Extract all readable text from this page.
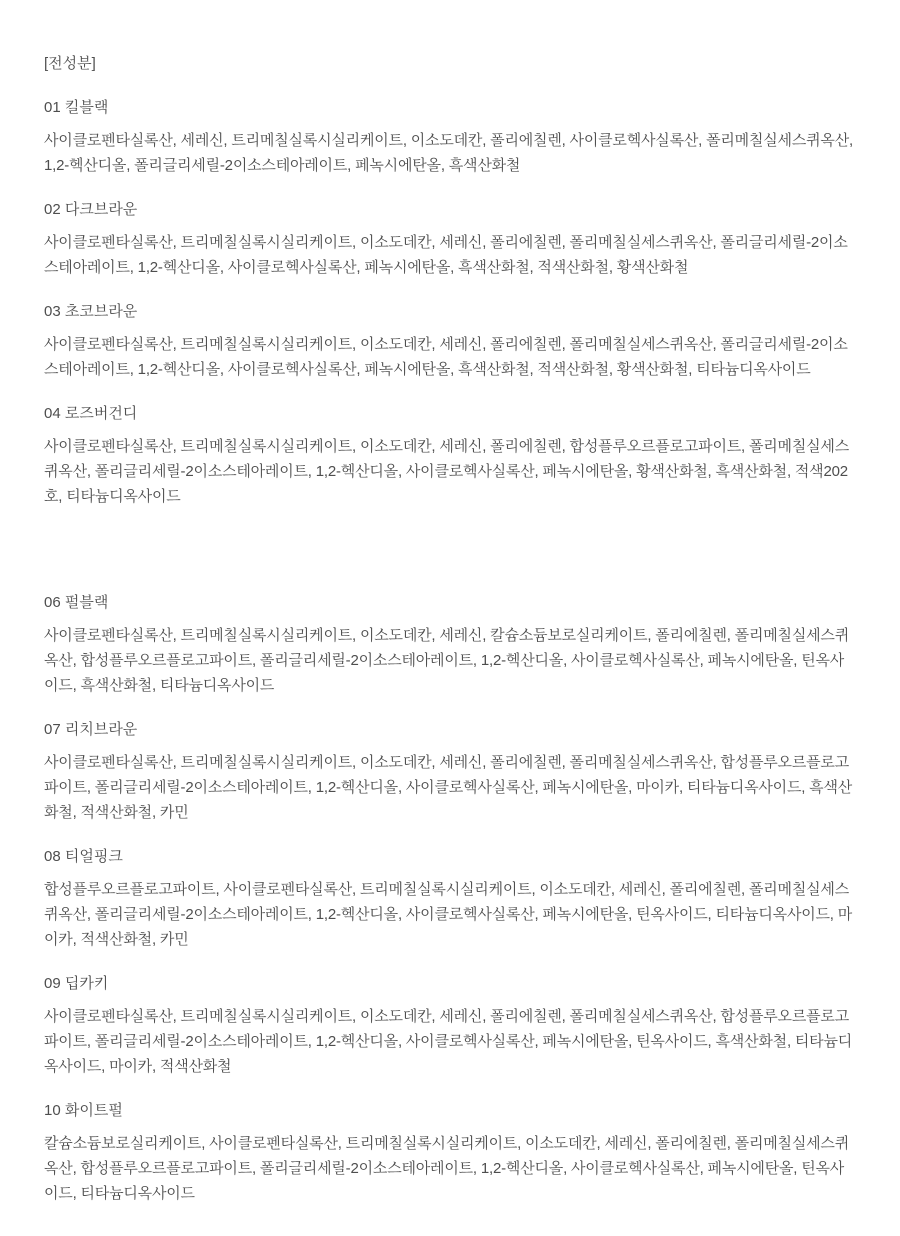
[전성분]
01 킬블랙

사이클로펜타실록산, 세레신, 트리메칠실록시실리케이트, 이소도데칸, 폴리에칠렌, 사이클로헥사실록산, 폴리메칠실세스퀴옥산, 1,2-헥산디올, 폴리글리세릴-2이소스테아레이트, 페녹시에탄올, 흑색산화철

02 다크브라운

사이클로펜타실록산, 트리메칠실록시실리케이트, 이소도데칸, 세레신, 폴리에칠렌, 폴리메칠실세스퀴옥산, 폴리글리세릴-2이소스테아레이트, 1,2-헥산디올, 사이클로헥사실록산, 페녹시에탄올, 흑색산화철, 적색산화철, 황색산화철

03 초코브라운

사이클로펜타실록산, 트리메칠실록시실리케이트, 이소도데칸, 세레신, 폴리에칠렌, 폴리메칠실세스퀴옥산, 폴리글리세릴-2이소스테아레이트, 1,2-헥산디올, 사이클로헥사실록산, 페녹시에탄올, 흑색산화철, 적색산화철, 황색산화철, 티타늄디옥사이드

04 로즈버건디

사이클로펜타실록산, 트리메칠실록시실리케이트, 이소도데칸, 세레신, 폴리에칠렌, 합성플루오르플로고파이트, 폴리메칠실세스퀴옥산, 폴리글리세릴-2이소스테아레이트, 1,2-헥산디올, 사이클로헥사실록산, 페녹시에탄올, 황색산화철, 흑색산화철, 적색202호, 티타늄디옥사이드

06 펄블랙

사이클로펜타실록산, 트리메칠실록시실리케이트, 이소도데칸, 세레신, 칼슘소듐보로실리케이트, 폴리에칠렌, 폴리메칠실세스퀴옥산, 합성플루오르플로고파이트, 폴리글리세릴-2이소스테아레이트, 1,2-헥산디올, 사이클로헥사실록산, 페녹시에탄올, 틴옥사이드, 흑색산화철, 티타늄디옥사이드

07 리치브라운

사이클로펜타실록산, 트리메칠실록시실리케이트, 이소도데칸, 세레신, 폴리에칠렌, 폴리메칠실세스퀴옥산, 합성플루오르플로고파이트, 폴리글리세릴-2이소스테아레이트, 1,2-헥산디올, 사이클로헥사실록산, 페녹시에탄올, 마이카, 티타늄디옥사이드, 흑색산화철, 적색산화철, 카민

08 티얼핑크

합성플루오르플로고파이트, 사이클로펜타실록산, 트리메칠실록시실리케이트, 이소도데칸, 세레신, 폴리에칠렌, 폴리메칠실세스퀴옥산, 폴리글리세릴-2이소스테아레이트, 1,2-헥산디올, 사이클로헥사실록산, 페녹시에탄올, 틴옥사이드, 티타늄디옥사이드, 마이카, 적색산화철, 카민

09 딥카키

사이클로펜타실록산, 트리메칠실록시실리케이트, 이소도데칸, 세레신, 폴리에칠렌, 폴리메칠실세스퀴옥산, 합성플루오르플로고파이트, 폴리글리세릴-2이소스테아레이트, 1,2-헥산디올, 사이클로헥사실록산, 페녹시에탄올, 틴옥사이드, 흑색산화철, 티타늄디옥사이드, 마이카, 적색산화철

10 화이트펄

칼슘소듐보로실리케이트, 사이클로펜타실록산, 트리메칠실록시실리케이트, 이소도데칸, 세레신, 폴리에칠렌, 폴리메칠실세스퀴옥산, 합성플루오르플로고파이트, 폴리글리세릴-2이소스테아레이트, 1,2-헥산디올, 사이클로헥사실록산, 페녹시에탄올, 틴옥사이드, 티타늄디옥사이드
